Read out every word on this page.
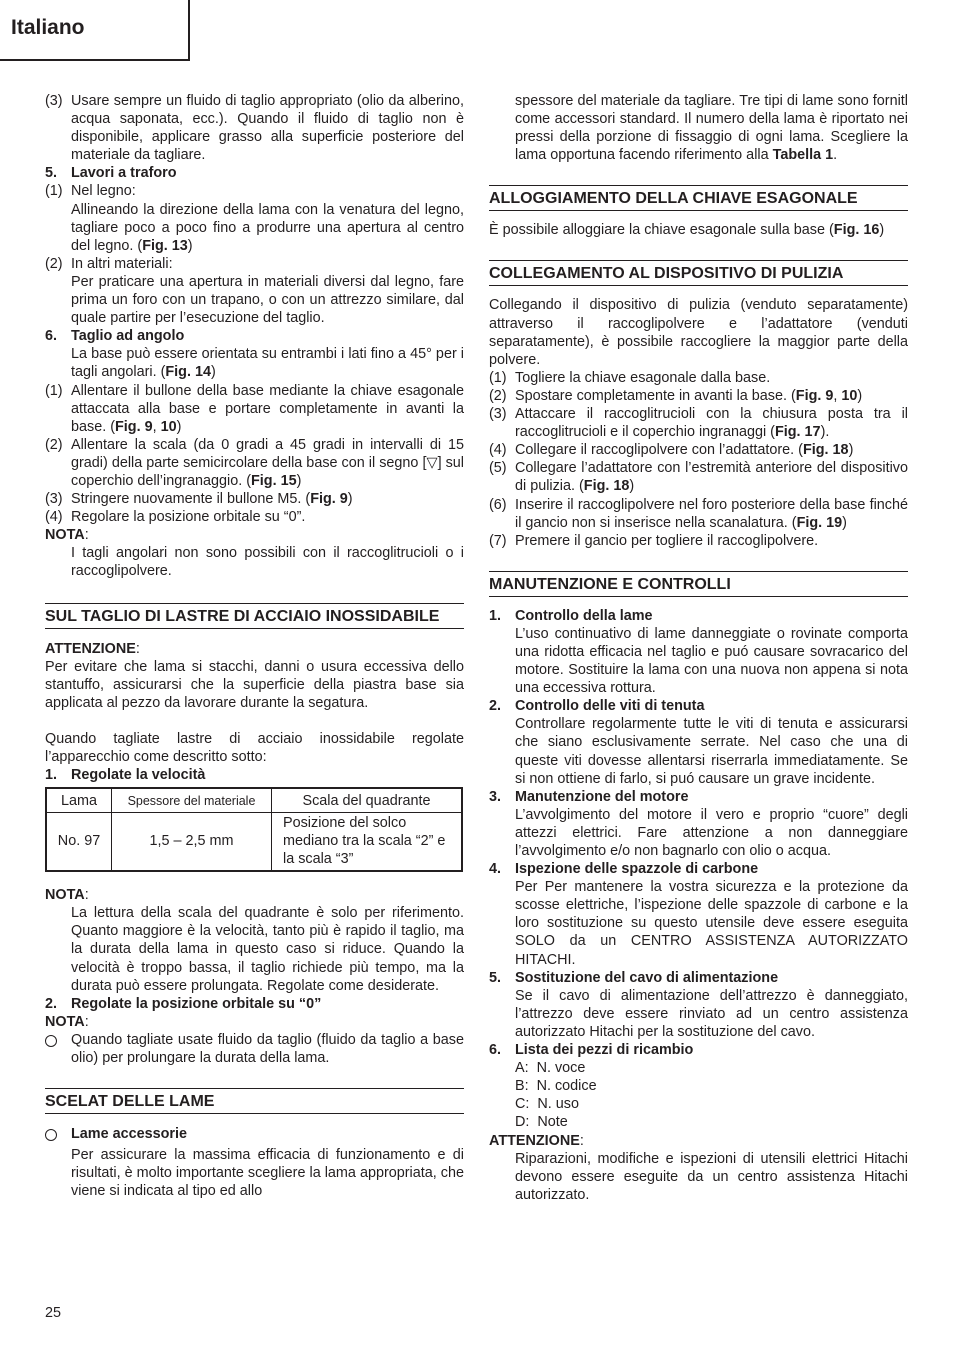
Italiano
(3) Usare sempre un fluido di taglio appropriato (olio da alberino, acqua saponata, ecc.). Quando il fluido di taglio non è disponibile, applicare grasso alla superficie posteriore del materiale da tagliare.
5. Lavori a traforo
(1) Nel legno:
Allineando la direzione della lama con la venatura del legno, tagliare poco a poco fino a produrre una apertura al centro del legno. (Fig. 13)
(2) In altri materiali:
Per praticare una apertura in materiali diversi dal legno, fare prima un foro con un trapano, o con un attrezzo similare, dal quale partire per l’esecuzione del taglio.
6. Taglio ad angolo
La base può essere orientata su entrambi i lati fino a 45° per i tagli angolari. (Fig. 14)
(1) Allentare il bullone della base mediante la chiave esagonale attaccata alla base e portare completamente in avanti la base. (Fig. 9, 10)
(2) Allentare la scala (da 0 gradi a 45 gradi in intervalli di 15 gradi) della parte semicircolare della base con il segno [▽] sul coperchio dell’ingranaggio. (Fig. 15)
(3) Stringere nuovamente il bullone M5. (Fig. 9)
(4) Regolare la posizione orbitale su “0”.
NOTA:
I tagli angolari non sono possibili con il raccoglitrucioli o i raccoglipolvere.
SUL TAGLIO DI LASTRE DI ACCIAIO INOSSIDABILE
ATTENZIONE:
Per evitare che lama si stacchi, danni o usura eccessiva dello stantuffo, assicurarsi che la superficie della piastra base sia applicata al pezzo da lavorare durante la segatura.
Quando tagliate lastre di acciaio inossidabile regolate l’apparecchio come descritto sotto:
1. Regolate la velocità
Lama	Spessore del materiale	Scala del quadrante
No. 97	1,5 – 2,5 mm	Posizione del solco mediano tra la scala “2” e la scala “3”
NOTA:
La lettura della scala del quadrante è solo per riferimento. Quanto maggiore è la velocità, tanto più è rapido il taglio, ma la durata della lama in questo caso si riduce. Quando la velocità è troppo bassa, il taglio richiede più tempo, ma la durata può essere prolungata. Regolate come desiderate.
2. Regolate la posizione orbitale su “0”
NOTA:
Quando tagliate usate fluido da taglio (fluido da taglio a base olio) per prolungare la durata della lama.
SCELAT DELLE LAME
Lame accessorie
Per assicurare la massima efficacia di funzionamento e di risultati, è molto importante scegliere la lama appropriata, che viene si indicata al tipo ed allo
spessore del materiale da tagliare. Tre tipi di lame sono fornitl come accessori standard. Il numero della lama è riportato nei pressi della porzione di fissaggio di ogni lama. Scegliere la lama opportuna facendo riferimento alla Tabella 1.
ALLOGGIAMENTO DELLA CHIAVE ESAGONALE
È possibile alloggiare la chiave esagonale sulla base (Fig. 16)
COLLEGAMENTO AL DISPOSITIVO DI PULIZIA
Collegando il dispositivo di pulizia (venduto separatamente) attraverso il raccoglipolvere e l’adattatore (venduti separatamente), è possibile raccogliere la maggior parte della polvere.
(1) Togliere la chiave esagonale dalla base.
(2) Spostare completamente in avanti la base. (Fig. 9, 10)
(3) Attaccare il raccoglitrucioli con la chiusura posta tra il raccoglitrucioli e il coperchio ingranaggi (Fig. 17).
(4) Collegare il raccoglipolvere con l’adattatore. (Fig. 18)
(5) Collegare l’adattatore con l’estremità anteriore del dispositivo di pulizia. (Fig. 18)
(6) Inserire il raccoglipolvere nel foro posteriore della base finché il gancio non si inserisce nella scanalatura. (Fig. 19)
(7) Premere il gancio per togliere il raccoglipolvere.
MANUTENZIONE E CONTROLLI
1. Controllo della lame
L’uso continuativo di lame danneggiate o rovinate comporta una ridotta efficacia nel taglio e puó causare sovracarico del motore. Sostituire la lama con una nuova non appena si nota una eccessiva rottura.
2. Controllo delle viti di tenuta
Controllare regolarmente tutte le viti di tenuta e assicurarsi che siano esclusivamente serrate. Nel caso che una di queste viti dovesse allentarsi riserrarla immediatamente. Se si non ottiene di farlo, si puó causare un grave incidente.
3. Manutenzione del motore
L’avvolgimento del motore il vero e proprio “cuore” degli attezzi elettrici. Fare attenzione a non danneggiare l’avvolgimento e/o non bagnarlo con olio o acqua.
4. Ispezione delle spazzole di carbone
Per Per mantenere la vostra sicurezza e la protezione da scosse elettriche, l’ispezione delle spazzole di carbone e la loro sostituzione su questo utensile deve essere eseguita SOLO da un CENTRO ASSISTENZA AUTORIZZATO HITACHI.
5. Sostituzione del cavo di alimentazione
Se il cavo di alimentazione dell’attrezzo è danneggiato, l’attrezzo deve essere rinviato ad un centro assistenza autorizzato Hitachi per la sostituzione del cavo.
6. Lista dei pezzi di ricambio
A:  N. voce
B:  N. codice
C:  N. uso
D:  Note
ATTENZIONE:
Riparazioni, modifiche e ispezioni di utensili elettrici Hitachi devono essere eseguite da un centro assistenza Hitachi autorizzato.
25
